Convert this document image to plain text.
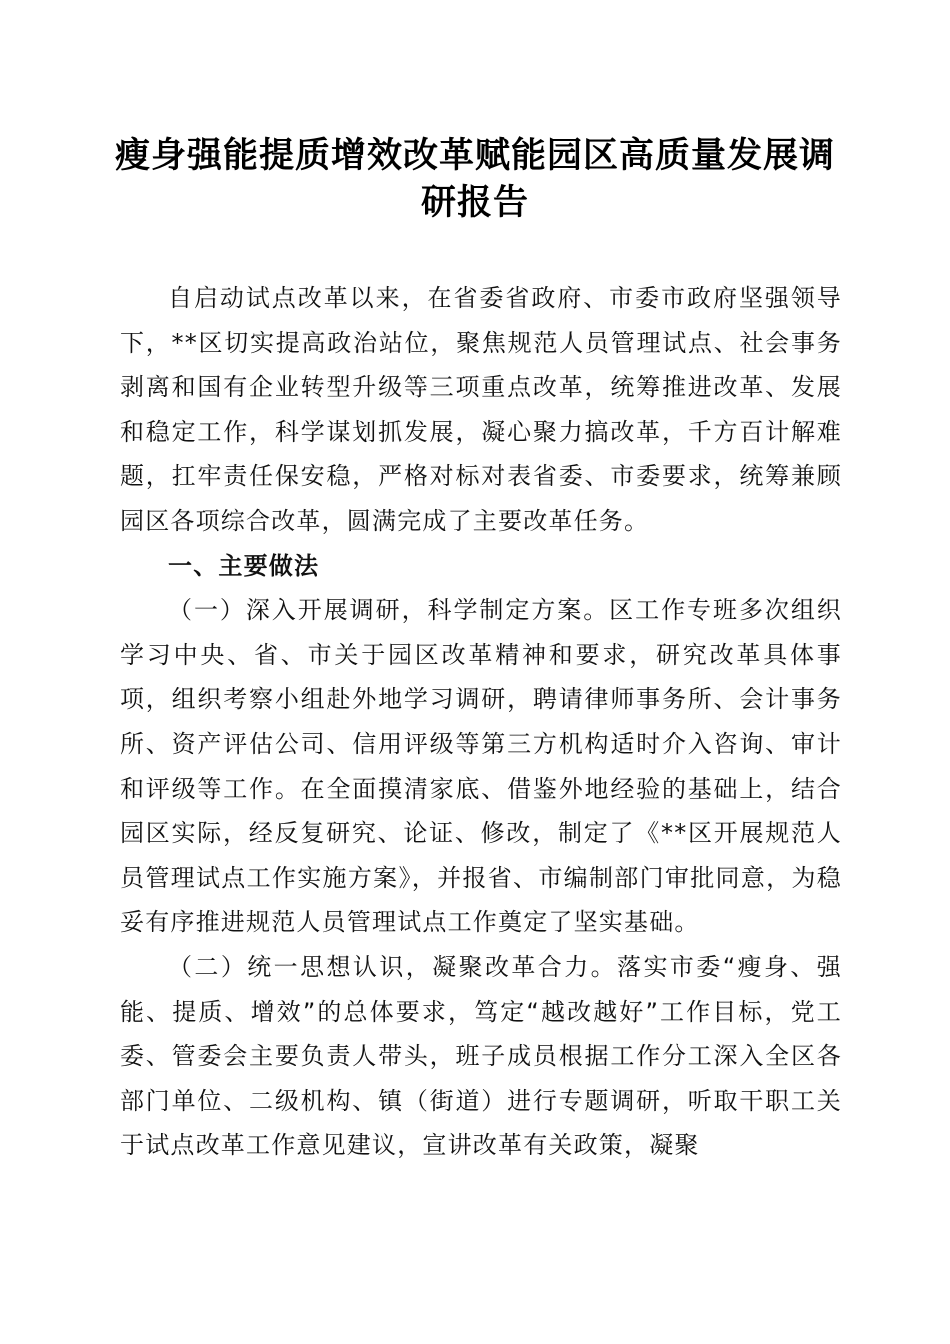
瘦身强能提质增效改革赋能园区高质量发展调研报告

自启动试点改革以来，在省委省政府、市委市政府坚强领导下，**区切实提高政治站位，聚焦规范人员管理试点、社会事务剥离和国有企业转型升级等三项重点改革，统筹推进改革、发展和稳定工作，科学谋划抓发展，凝心聚力搞改革，千方百计解难题，扛牢责任保安稳，严格对标对表省委、市委要求，统筹兼顾园区各项综合改革，圆满完成了主要改革任务。

一、主要做法

（一）深入开展调研，科学制定方案。区工作专班多次组织学习中央、省、市关于园区改革精神和要求，研究改革具体事项，组织考察小组赴外地学习调研，聘请律师事务所、会计事务所、资产评估公司、信用评级等第三方机构适时介入咨询、审计和评级等工作。在全面摸清家底、借鉴外地经验的基础上，结合园区实际，经反复研究、论证、修改，制定了《**区开展规范人员管理试点工作实施方案》，并报省、市编制部门审批同意，为稳妥有序推进规范人员管理试点工作奠定了坚实基础。

（二）统一思想认识，凝聚改革合力。落实市委“瘦身、强能、提质、增效”的总体要求，笃定“越改越好”工作目标，党工委、管委会主要负责人带头，班子成员根据工作分工深入全区各部门单位、二级机构、镇（街道）进行专题调研，听取干职工关于试点改革工作意见建议，宣讲改革有关政策，凝聚
